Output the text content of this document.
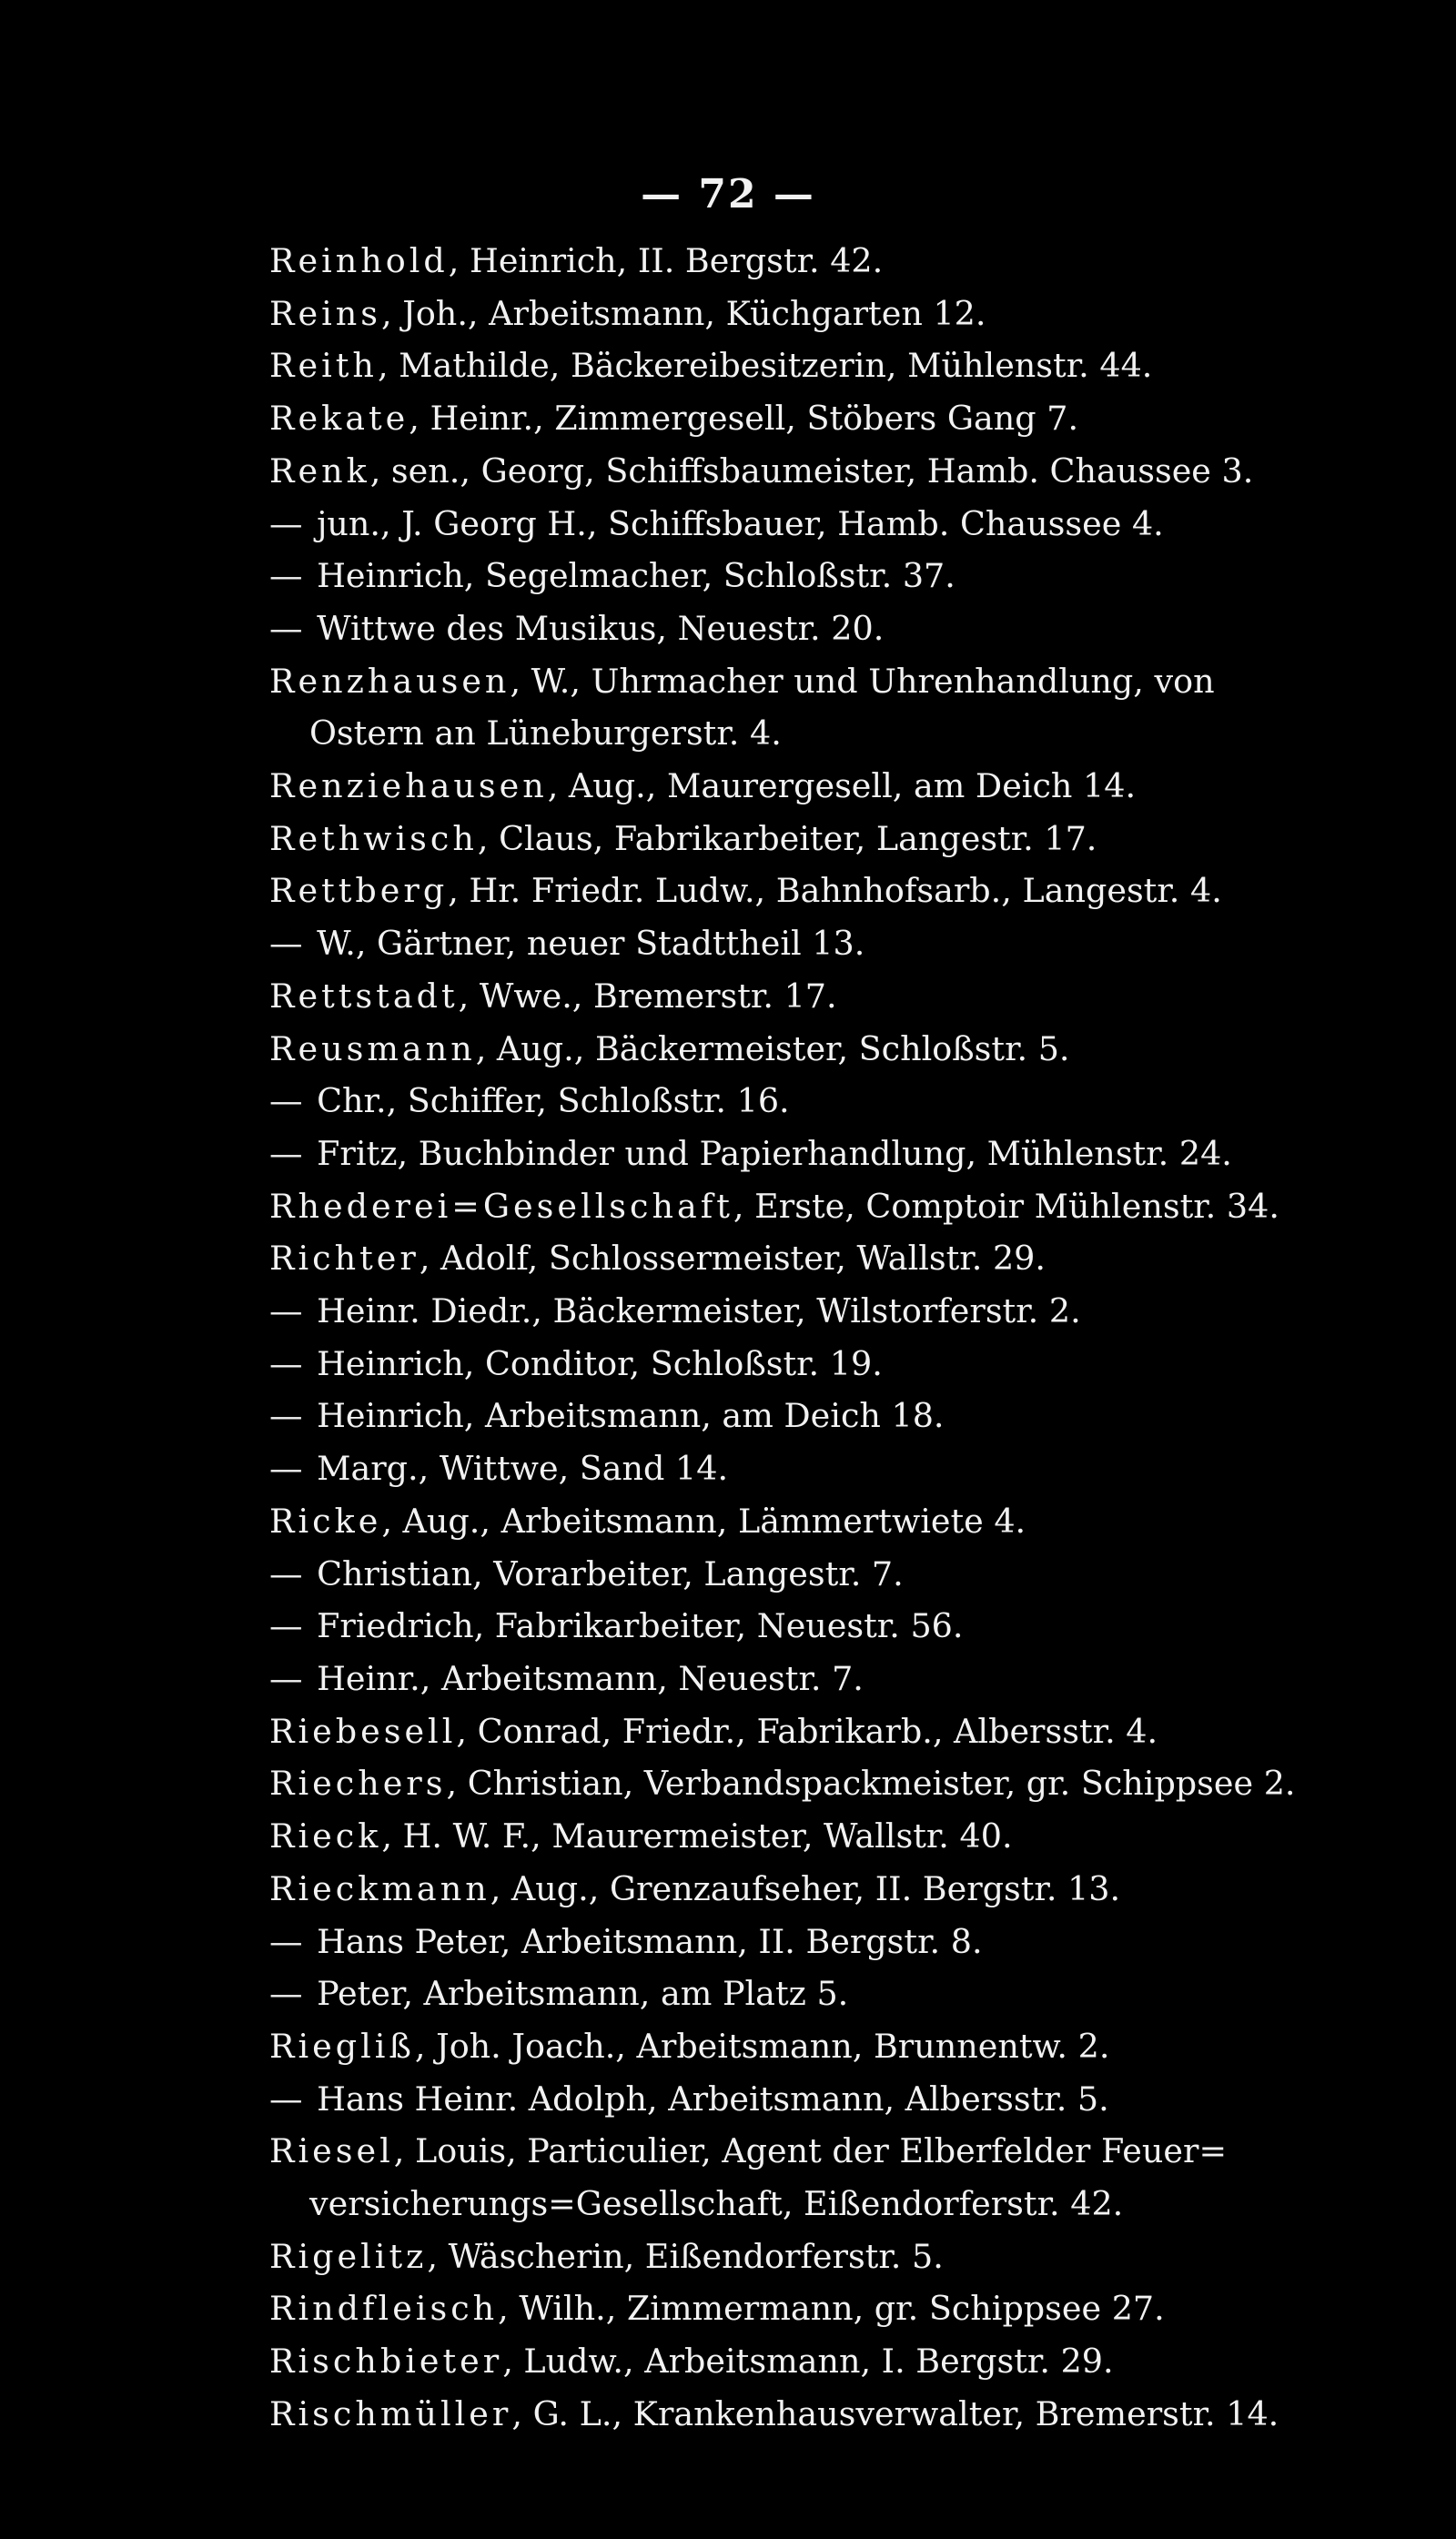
— 72 —
Reinhold, Heinrich, II. Bergstr. 42.
Reins, Joh., Arbeitsmann, Küchgarten 12.
Reith, Mathilde, Bäckereibesitzerin, Mühlenstr. 44.
Rekate, Heinr., Zimmergesell, Stöbers Gang 7.
Renk, sen., Georg, Schiffsbaumeister, Hamb. Chaussee 3.
— jun., J. Georg H., Schiffsbauer, Hamb. Chaussee 4.
— Heinrich, Segelmacher, Schloßstr. 37.
— Wittwe des Musikus, Neuestr. 20.
Renzhausen, W., Uhrmacher und Uhrenhandlung, von
Ostern an Lüneburgerstr. 4.
Renziehausen, Aug., Maurergesell, am Deich 14.
Rethwisch, Claus, Fabrikarbeiter, Langestr. 17.
Rettberg, Hr. Friedr. Ludw., Bahnhofsarb., Langestr. 4.
— W., Gärtner, neuer Stadttheil 13.
Rettstadt, Wwe., Bremerstr. 17.
Reusmann, Aug., Bäckermeister, Schloßstr. 5.
— Chr., Schiffer, Schloßstr. 16.
— Fritz, Buchbinder und Papierhandlung, Mühlenstr. 24.
Rhederei=Gesellschaft, Erste, Comptoir Mühlenstr. 34.
Richter, Adolf, Schlossermeister, Wallstr. 29.
— Heinr. Diedr., Bäckermeister, Wilstorferstr. 2.
— Heinrich, Conditor, Schloßstr. 19.
— Heinrich, Arbeitsmann, am Deich 18.
— Marg., Wittwe, Sand 14.
Ricke, Aug., Arbeitsmann, Lämmertwiete 4.
— Christian, Vorarbeiter, Langestr. 7.
— Friedrich, Fabrikarbeiter, Neuestr. 56.
— Heinr., Arbeitsmann, Neuestr. 7.
Riebesell, Conrad, Friedr., Fabrikarb., Albersstr. 4.
Riechers, Christian, Verbandspackmeister, gr. Schippsee 2.
Rieck, H. W. F., Maurermeister, Wallstr. 40.
Rieckmann, Aug., Grenzaufseher, II. Bergstr. 13.
— Hans Peter, Arbeitsmann, II. Bergstr. 8.
— Peter, Arbeitsmann, am Platz 5.
Riegliß, Joh. Joach., Arbeitsmann, Brunnentw. 2.
— Hans Heinr. Adolph, Arbeitsmann, Albersstr. 5.
Riesel, Louis, Particulier, Agent der Elberfelder Feuer=
versicherungs=Gesellschaft, Eißendorferstr. 42.
Rigelitz, Wäscherin, Eißendorferstr. 5.
Rindfleisch, Wilh., Zimmermann, gr. Schippsee 27.
Rischbieter, Ludw., Arbeitsmann, I. Bergstr. 29.
Rischmüller, G. L., Krankenhausverwalter, Bremerstr. 14.
